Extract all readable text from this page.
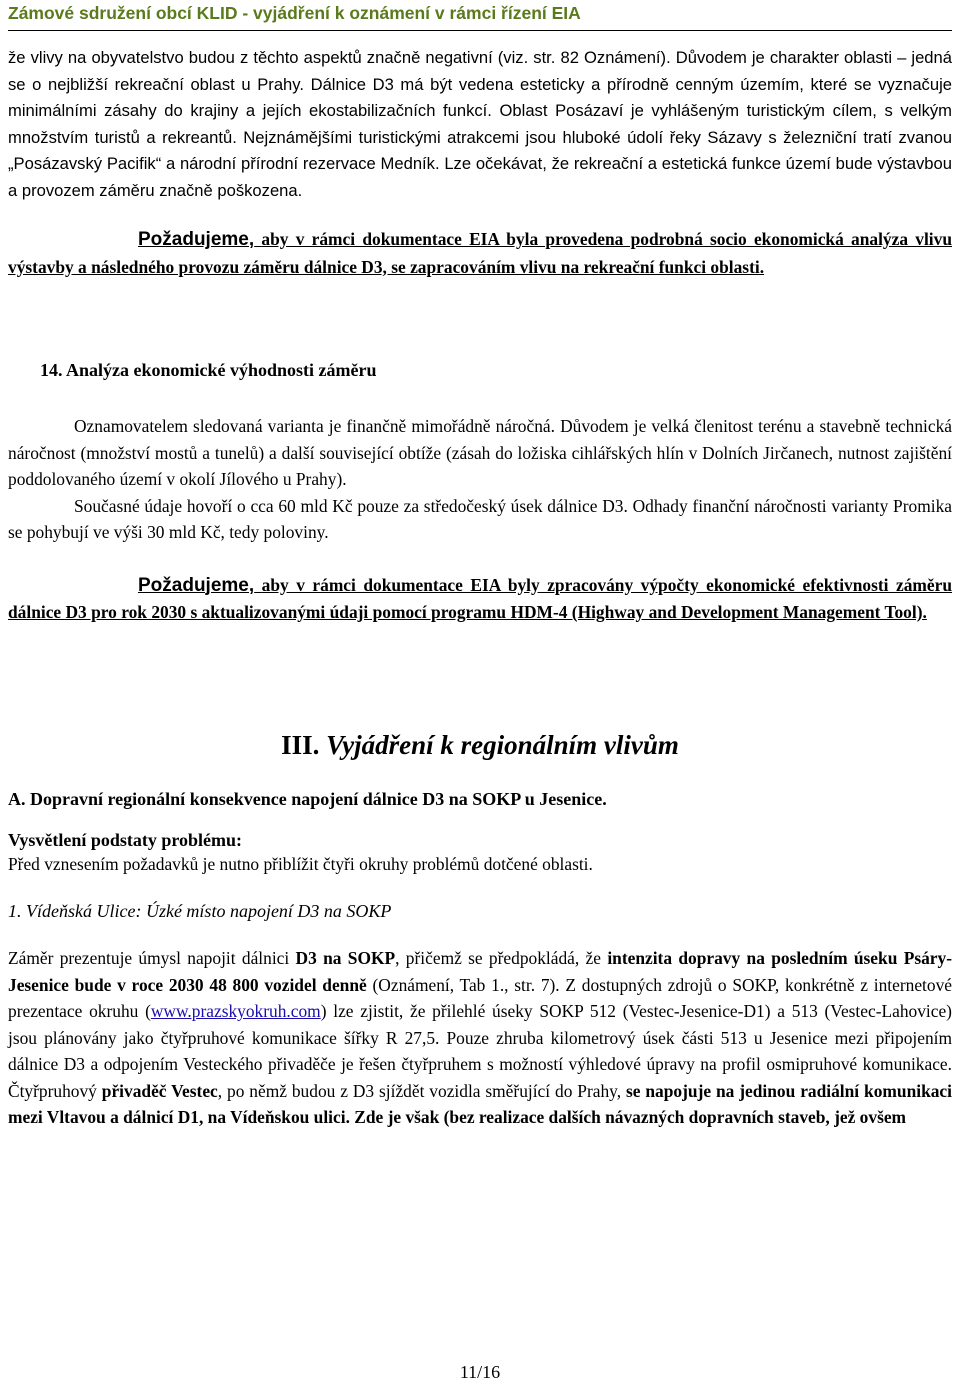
Zámové sdružení obcí KLID - vyjádření k oznámení v rámci řízení EIA

že vlivy na obyvatelstvo budou z těchto aspektů značně negativní (viz. str. 82 Oznámení). Důvodem je charakter oblasti – jedná se o nejbližší rekreační oblast u Prahy. Dálnice D3 má být vedena esteticky a přírodně cenným územím, které se vyznačuje minimálními zásahy do krajiny a jejích ekostabilizačních funkcí. Oblast Posázaví je vyhlášeným turistickým cílem, s velkým množstvím turistů a rekreantů. Nejznámějšími turistickými atrakcemi jsou hluboké údolí řeky Sázavy s železniční tratí zvanou „Posázavský Pacifik“ a národní přírodní rezervace Medník. Lze očekávat, že rekreační a estetická funkce území bude výstavbou a provozem záměru značně poškozena.

Požadujeme, aby v rámci dokumentace EIA byla provedena podrobná socio ekonomická analýza vlivu výstavby a následného provozu záměru dálnice D3, se zapracováním vlivu na rekreační funkci oblasti.

14. Analýza ekonomické výhodnosti záměru

Oznamovatelem sledovaná varianta je finančně mimořádně náročná. Důvodem je velká členitost terénu a stavebně technická náročnost (množství mostů a tunelů) a další související obtíže (zásah do ložiska cihlářských hlín v Dolních Jirčanech, nutnost zajištění poddolovaného území v okolí Jílového u Prahy).

Současné údaje hovoří o cca 60 mld Kč pouze za středočeský úsek dálnice D3. Odhady finanční náročnosti varianty Promika se pohybují ve výši 30 mld Kč, tedy poloviny.

Požadujeme, aby v rámci dokumentace EIA byly zpracovány výpočty ekonomické efektivnosti záměru dálnice D3 pro rok 2030 s aktualizovanými údaji pomocí programu HDM-4 (Highway and Development Management Tool).

III. Vyjádření k regionálním vlivům

A. Dopravní regionální konsekvence napojení dálnice D3 na SOKP u Jesenice.

Vysvětlení podstaty problému:

Před vznesením požadavků je nutno přiblížit čtyři okruhy problémů dotčené oblasti.

1. Vídeňská Ulice: Úzké místo napojení D3 na SOKP

Záměr prezentuje úmysl napojit dálnici D3 na SOKP, přičemž se předpokládá, že intenzita dopravy na posledním úseku Psáry-Jesenice bude v roce 2030 48 800 vozidel denně (Oznámení, Tab 1., str. 7). Z dostupných zdrojů o SOKP, konkrétně z internetové prezentace okruhu (www.prazskyokruh.com) lze zjistit, že přilehlé úseky SOKP 512 (Vestec-Jesenice-D1) a 513 (Vestec-Lahovice) jsou plánovány jako čtyřpruhové komunikace šířky R 27,5. Pouze zhruba kilometrový úsek části 513 u Jesenice mezi připojením dálnice D3 a odpojením Vesteckého přivaděče je řešen čtyřpruhem s možností výhledové úpravy na profil osmipruhové komunikace. Čtyřpruhový přivaděč Vestec, po němž budou z D3 sjíždět vozidla směřující do Prahy, se napojuje na jedinou radiální komunikaci mezi Vltavou a dálnicí D1, na Vídeňskou ulici. Zde je však (bez realizace dalších návazných dopravních staveb, jež ovšem

11/16
